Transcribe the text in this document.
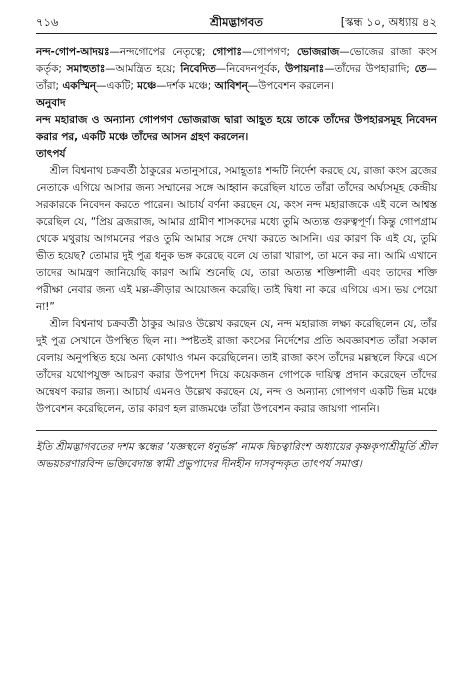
৭১৬	শ্রীমদ্ভাগবত	[স্কন্ধ ১০, অধ্যায় ৪২

নন্দ-গোপ-আদয়ঃ—নন্দগোপের নেতৃত্বে; গোপাঃ—গোপগণ; ভোজরাজ—ভোজের রাজা কংস কর্তৃক; সমাহুতাঃ—আমন্ত্রিত হয়ে; নিবেদিত—নিবেদনপূর্বক, উপায়নাঃ—তাঁদের উপহারাদি; তে—তাঁরা; একস্মিন্—একটি; মঞ্চে—দর্শক মঞ্চে; আবিশন্—উপবেশন করলেন।

অনুবাদ

নন্দ মহারাজ ও অন্যান্য গোপগণ ভোজরাজ দ্বারা আহূত হয়ে তাকে তাঁদের উপহারসমূহ নিবেদন করার পর, একটি মঞ্চে তাঁদের আসন গ্রহণ করলেন।

তাৎপর্য

শ্রীল বিশ্বনাথ চক্রবর্তী ঠাকুরের মতানুসারে, সমাহূতাঃ শব্দটি নির্দেশ করছে যে, রাজা কংস ব্রজের নেতাকে এগিয়ে আসার জন্য সম্মানের সঙ্গে আহ্বান করেছিল যাতে তাঁরা তাঁদের অর্ঘ্যসমূহ কেন্দ্রীয় সরকারকে নিবেদন করতে পারেন। আচার্য বর্ণনা করছেন যে, কংস নন্দ মহারাজকে এই বলে আশ্বস্ত করেছিল যে, “প্রিয় ব্রজরাজ, আমার গ্রামীণ শাসকদের মধ্যে তুমি অত্যন্ত গুরুত্বপূর্ণ। কিন্তু গোপগ্রাম থেকে মথুরায় আগমনের পরও তুমি আমার সঙ্গে দেখা করতে আসনি। এর কারণ কি এই যে, তুমি ভীত হয়েছ? তোমার দুই পুত্র ধনুক ভঙ্গ করেছে বলে যে তারা খারাপ, তা মনে কর না। আমি এখানে তাদের আমন্ত্রণ জানিয়েছি কারণ আমি শুনেছি যে, তারা অত্যন্ত শক্তিশালী এবং তাদের শক্তি পরীক্ষা নেবার জন্য এই মল্ল-ক্রীড়ার আয়োজন করেছি। তাই দ্বিধা না করে এগিয়ে এস। ভয় পেয়ো না!”

শ্রীল বিশ্বনাথ চক্রবর্তী ঠাকুর আরও উল্লেখ করছেন যে, নন্দ মহারাজ লক্ষ্য করেছিলেন যে, তাঁর দুই পুত্র সেখানে উপস্থিত ছিল না। স্পষ্টতই রাজা কংসের নির্দেশের প্রতি অবজ্ঞাবশত তাঁরা সকাল বেলায় অনুপস্থিত হয়ে অন্য কোথাও গমন করেছিলেন। তাই রাজা কংস তাঁদের মল্লস্থলে ফিরে এসে তাঁদের যথোপযুক্ত আচরণ করার উপদেশ দিয়ে কয়েকজন গোপকে দায়িত্ব প্রদান করেছেন তাঁদের অন্বেষণ করার জন্য। আচার্য এমনও উল্লেখ করছেন যে, নন্দ ও অন্যান্য গোপগণ একটি ভিন্ন মঞ্চে উপবেশন করেছিলেন, তার কারণ হল রাজমঞ্চে তাঁরা উপবেশন করার জায়গা পাননি।

ইতি শ্রীমদ্ভাগবতের দশম স্কন্ধের ‘যজ্ঞস্থলে ধনুর্ভঙ্গ’ নামক দ্বিচত্বারিংশ অধ্যায়ের কৃষ্ণকৃপাশ্রীমূর্তি শ্রীল অভয়চরণারবিন্দ ভক্তিবেদান্ত স্বামী প্রভুপাদের দীনহীন দাসবৃন্দকৃত তাৎপর্য সমাপ্ত।
